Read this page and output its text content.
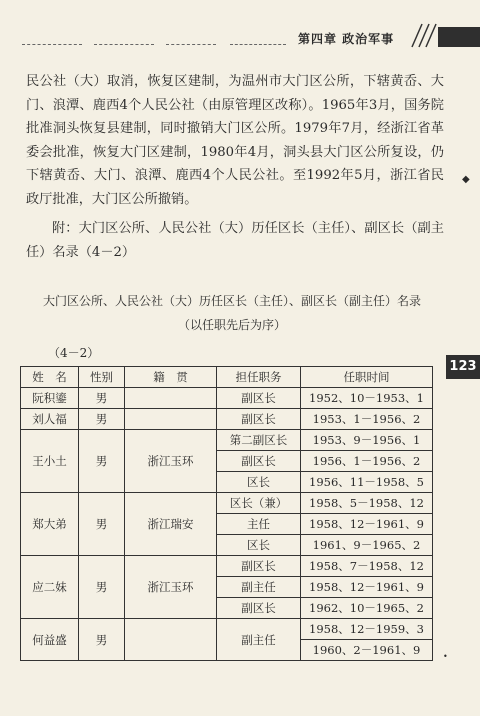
第四章 政治军事

民公社（大）取消，恢复区建制，为温州市大门区公所，下辖黄岙、大门、浪潭、鹿西4个人民公社（由原管理区改称）。1965年3月，国务院批准洞头恢复县建制，同时撤销大门区公所。1979年7月，经浙江省革委会批准，恢复大门区建制，1980年4月，洞头县大门区公所复设，仍下辖黄岙、大门、浪潭、鹿西4个人民公社。至1992年5月，浙江省民政厅批准，大门区公所撤销。

附：大门区公所、人民公社（大）历任区长（主任）、副区长（副主任）名录（4－2）

大门区公所、人民公社（大）历任区长（主任）、副区长（副主任）名录
（以任职先后为序）
（4－2）
123
◆
•
姓　名	性别	籍　贯	担任职务	任职时间
阮积鎏	男		副区长	1952、10－1953、1
刘人福	男		副区长	1953、1－1956、2
王小土	男	浙江玉环	第二副区长	1953、9－1956、1
			副区长	1956、1－1956、2
			区长	1956、11－1958、5
郑大弟	男	浙江瑞安	区长（兼）	1958、5－1958、12
			主任	1958、12－1961、9
			区长	1961、9－1965、2
应二妹	男	浙江玉环	副区长	1958、7－1958、12
			副主任	1958、12－1961、9
			副区长	1962、10－1965、2
何益盛	男		副主任	1958、12－1959、3
				1960、2－1961、9
